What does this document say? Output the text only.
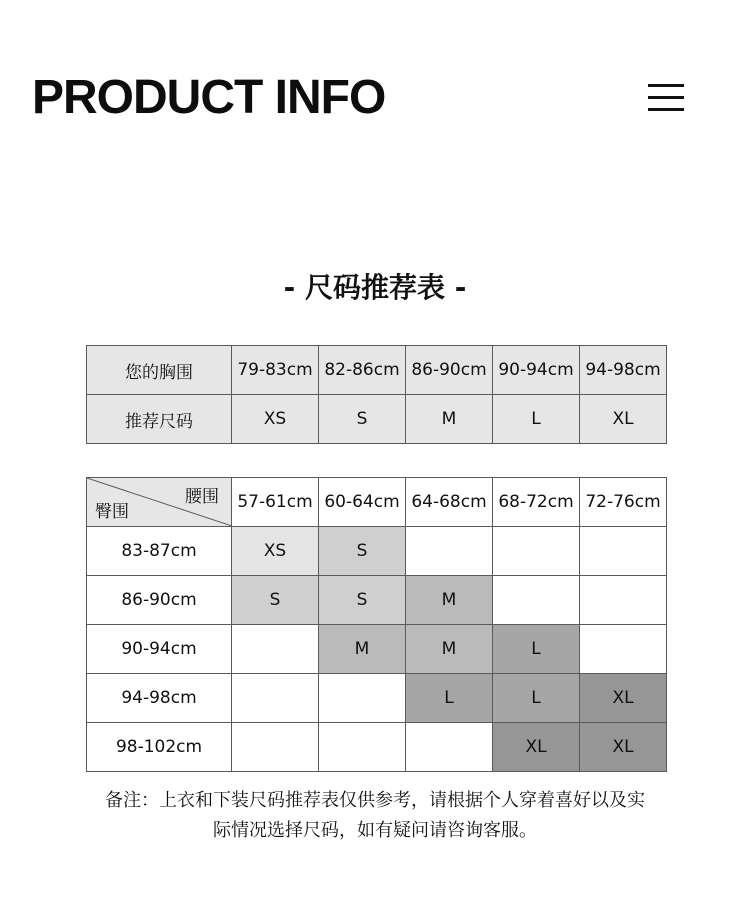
PRODUCT INFO
- 尺码推荐表 -
您的胸围	79-83cm	82-86cm	86-90cm	90-94cm	94-98cm
推荐尺码	XS	S	M	L	XL
腰围
臀围	57-61cm	60-64cm	64-68cm	68-72cm	72-76cm
83-87cm	XS	S			
86-90cm	S	S	M		
90-94cm		M	M	L	
94-98cm			L	L	XL
98-102cm				XL	XL

备注：上衣和下装尺码推荐表仅供参考，请根据个人穿着喜好以及实
际情况选择尺码，如有疑问请咨询客服。
